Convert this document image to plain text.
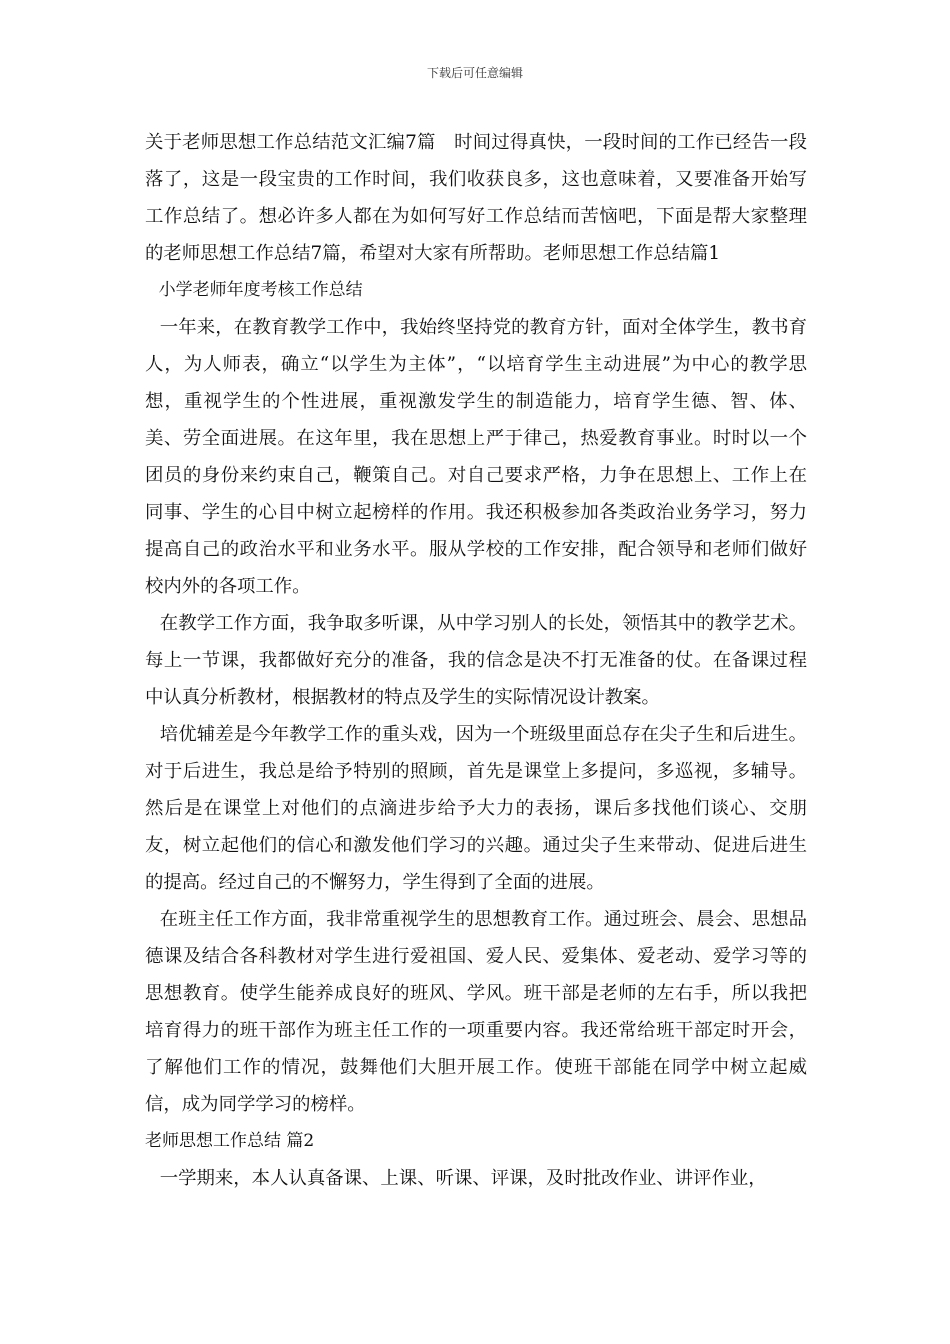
下载后可任意编辑

关于老师思想工作总结范文汇编7篇　时间过得真快，一段时间的工作已经告一段落了，这是一段宝贵的工作时间，我们收获良多，这也意味着，又要准备开始写工作总结了。想必许多人都在为如何写好工作总结而苦恼吧，下面是帮大家整理的老师思想工作总结7篇，希望对大家有所帮助。老师思想工作总结篇1

小学老师年度考核工作总结

一年来，在教育教学工作中，我始终坚持党的教育方针，面对全体学生，教书育人，为人师表，确立“以学生为主体”，“以培育学生主动进展”为中心的教学思想，重视学生的个性进展，重视激发学生的制造能力，培育学生德、智、体、美、劳全面进展。在这年里，我在思想上严于律己，热爱教育事业。时时以一个团员的身份来约束自己，鞭策自己。对自己要求严格，力争在思想上、工作上在同事、学生的心目中树立起榜样的作用。我还积极参加各类政治业务学习，努力提高自己的政治水平和业务水平。服从学校的工作安排，配合领导和老师们做好校内外的各项工作。

在教学工作方面，我争取多听课，从中学习别人的长处，领悟其中的教学艺术。每上一节课，我都做好充分的准备，我的信念是决不打无准备的仗。在备课过程中认真分析教材，根据教材的特点及学生的实际情况设计教案。

培优辅差是今年教学工作的重头戏，因为一个班级里面总存在尖子生和后进生。对于后进生，我总是给予特别的照顾，首先是课堂上多提问，多巡视，多辅导。然后是在课堂上对他们的点滴进步给予大力的表扬，课后多找他们谈心、交朋友，树立起他们的信心和激发他们学习的兴趣。通过尖子生来带动、促进后进生的提高。经过自己的不懈努力，学生得到了全面的进展。

在班主任工作方面，我非常重视学生的思想教育工作。通过班会、晨会、思想品德课及结合各科教材对学生进行爱祖国、爱人民、爱集体、爱老动、爱学习等的思想教育。使学生能养成良好的班风、学风。班干部是老师的左右手，所以我把培育得力的班干部作为班主任工作的一项重要内容。我还常给班干部定时开会，了解他们工作的情况，鼓舞他们大胆开展工作。使班干部能在同学中树立起威信，成为同学学习的榜样。

老师思想工作总结 篇2

一学期来，本人认真备课、上课、听课、评课，及时批改作业、讲评作业，
